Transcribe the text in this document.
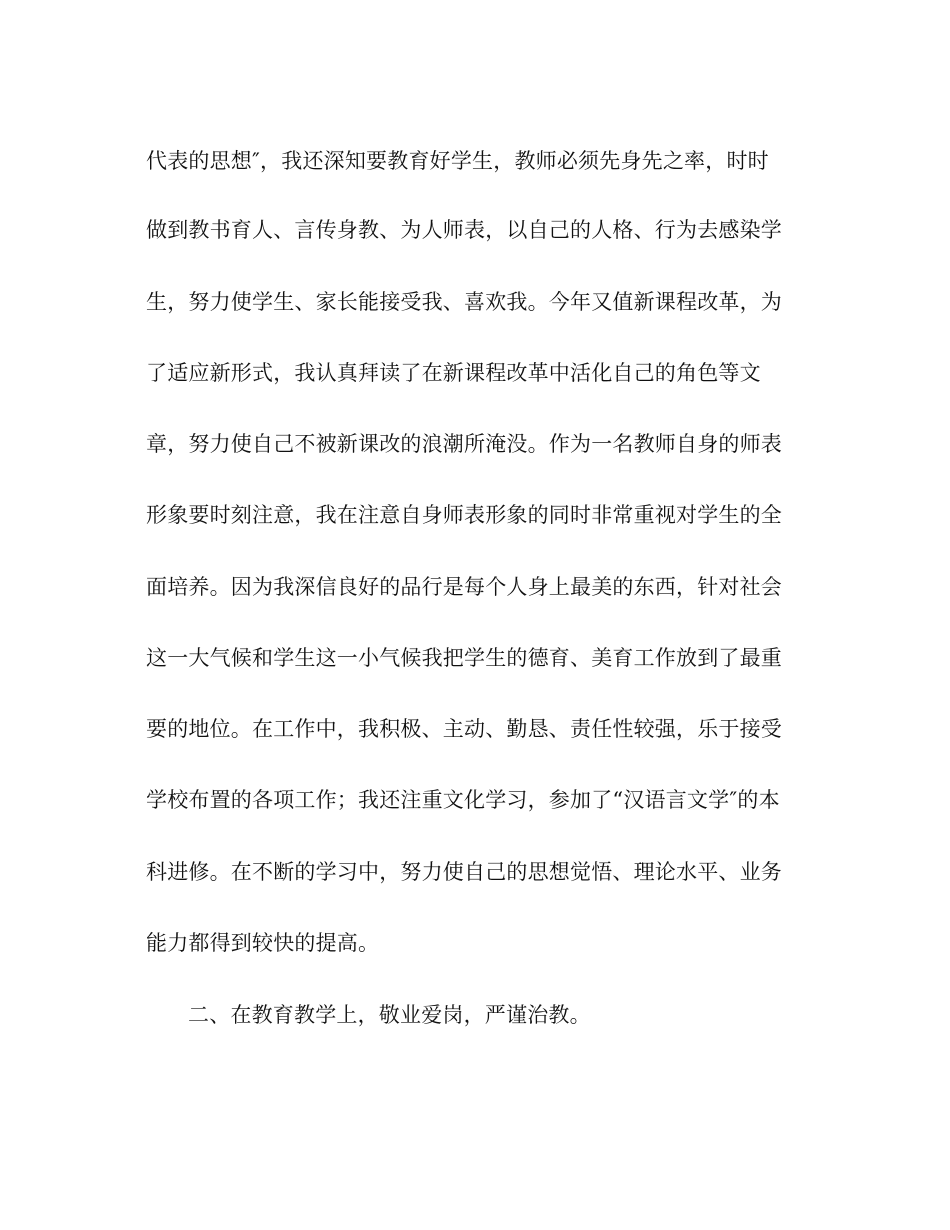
代表的思想″，我还深知要教育好学生，教师必须先身先之率，时时
做到教书育人、言传身教、为人师表，以自己的人格、行为去感染学
生，努力使学生、家长能接受我、喜欢我。今年又值新课程改革，为
了适应新形式，我认真拜读了在新课程改革中活化自己的角色等文
章，努力使自己不被新课改的浪潮所淹没。作为一名教师自身的师表
形象要时刻注意，我在注意自身师表形象的同时非常重视对学生的全
面培养。因为我深信良好的品行是每个人身上最美的东西，针对社会
这一大气候和学生这一小气候我把学生的德育、美育工作放到了最重
要的地位。在工作中，我积极、主动、勤恳、责任性较强，乐于接受
学校布置的各项工作；我还注重文化学习，参加了“汉语言文学″的本
科进修。在不断的学习中，努力使自己的思想觉悟、理论水平、业务
能力都得到较快的提高。
二、在教育教学上，敬业爱岗，严谨治教。
